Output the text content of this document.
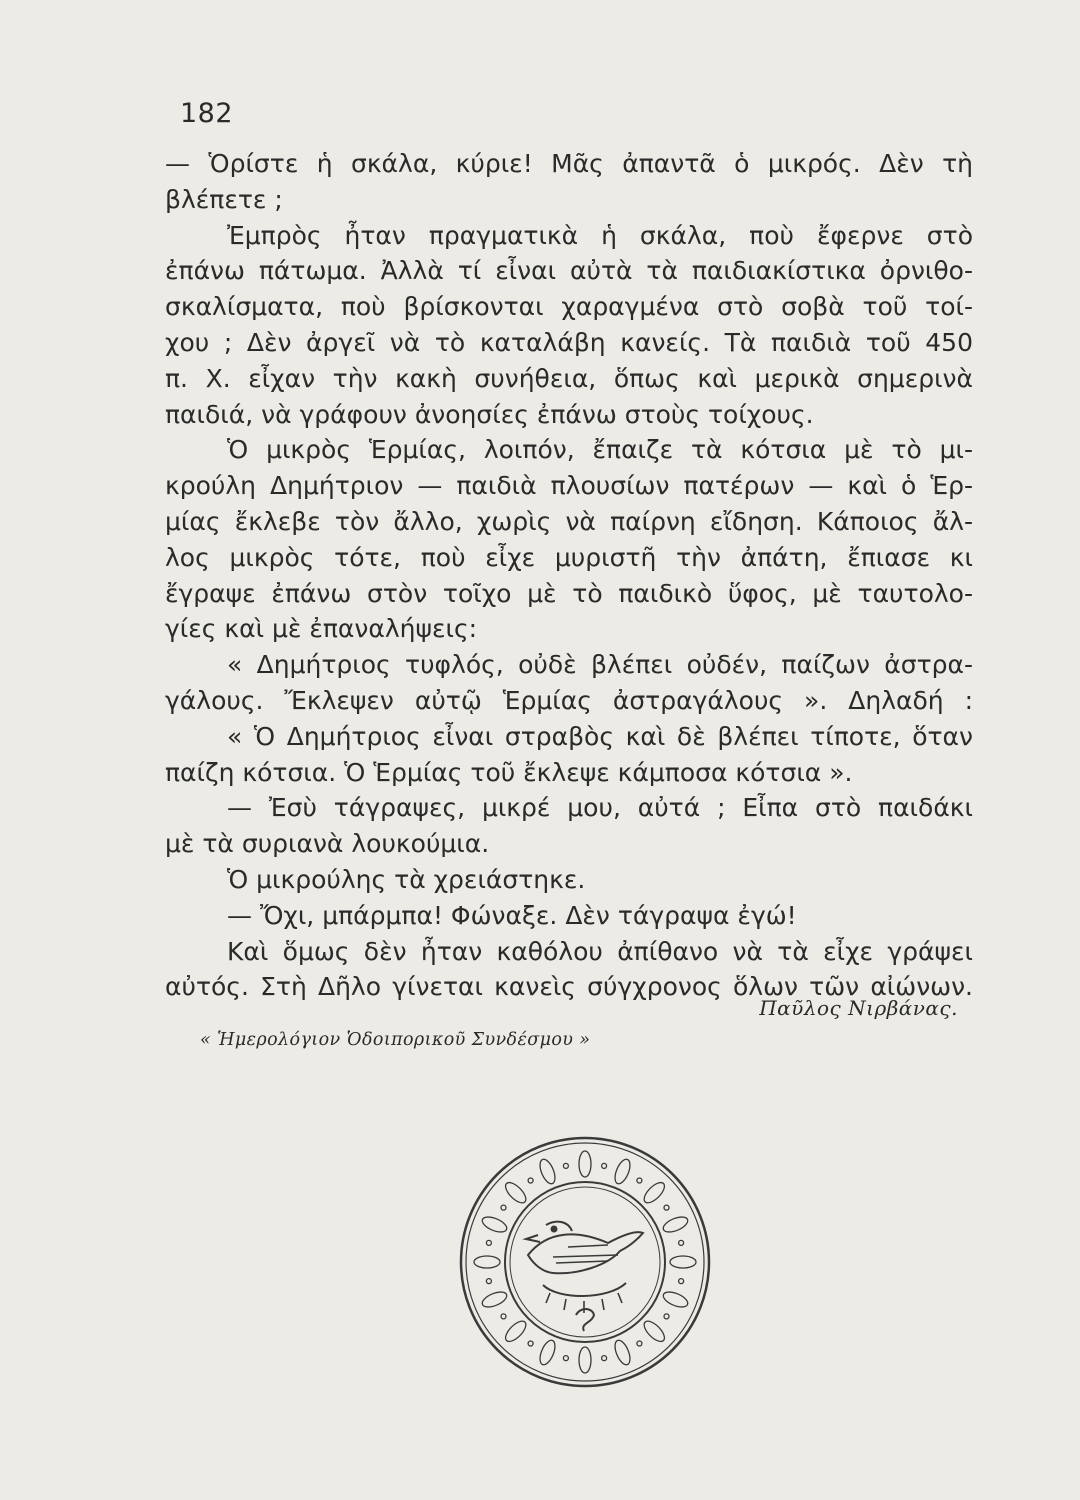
182
— Ὁρίστε ἡ σκάλα, κύριε! Μᾶς ἀπαντᾶ ὁ μικρός. Δὲν τὴ
βλέπετε ;
Ἐμπρὸς ἦταν πραγματικὰ ἡ σκάλα, ποὺ ἔφερνε στὸ
ἐπάνω πάτωμα. Ἀλλὰ τί εἶναι αὐτὰ τὰ παιδιακίστικα ὀρνιθο-
σκαλίσματα, ποὺ βρίσκονται χαραγμένα στὸ σοβὰ τοῦ τοί-
χου ; Δὲν ἀργεῖ νὰ τὸ καταλάβη κανείς. Τὰ παιδιὰ τοῦ 450
π. Χ. εἶχαν τὴν κακὴ συνήθεια, ὅπως καὶ μερικὰ σημερινὰ
παιδιά, νὰ γράφουν ἀνοησίες ἐπάνω στοὺς τοίχους.
Ὁ μικρὸς Ἑρμίας, λοιπόν, ἔπαιζε τὰ κότσια μὲ τὸ μι-
κρούλη Δημήτριον — παιδιὰ πλουσίων πατέρων — καὶ ὁ Ἑρ-
μίας ἔκλεβε τὸν ἄλλο, χωρὶς νὰ παίρνη εἴδηση. Κάποιος ἄλ-
λος μικρὸς τότε, ποὺ εἶχε μυριστῆ τὴν ἀπάτη, ἔπιασε κι
ἔγραψε ἐπάνω στὸν τοῖχο μὲ τὸ παιδικὸ ὕφος, μὲ ταυτολο-
γίες καὶ μὲ ἐπαναλήψεις:
« Δημήτριος τυφλός, οὐδὲ βλέπει οὐδέν, παίζων ἀστρα-
γάλους. Ἔκλεψεν αὐτῷ Ἑρμίας ἀστραγάλους ». Δηλαδή :
« Ὁ Δημήτριος εἶναι στραβὸς καὶ δὲ βλέπει τίποτε, ὅταν
παίζη κότσια. Ὁ Ἑρμίας τοῦ ἔκλεψε κάμποσα κότσια ».
— Ἐσὺ τάγραψες, μικρέ μου, αὐτά ; Εἶπα στὸ παιδάκι
μὲ τὰ συριανὰ λουκούμια.
Ὁ μικρούλης τὰ χρειάστηκε.
— Ὄχι, μπάρμπα! Φώναξε. Δὲν τάγραψα ἐγώ!
Καὶ ὅμως δὲν ἦταν καθόλου ἀπίθανο νὰ τὰ εἶχε γράψει
αὐτός. Στὴ Δῆλο γίνεται κανεὶς σύγχρονος ὅλων τῶν αἰώνων.
Παῦλος Νιρβάνας.
« Ἡμερολόγιον Ὁδοιπορικοῦ Συνδέσμου »
